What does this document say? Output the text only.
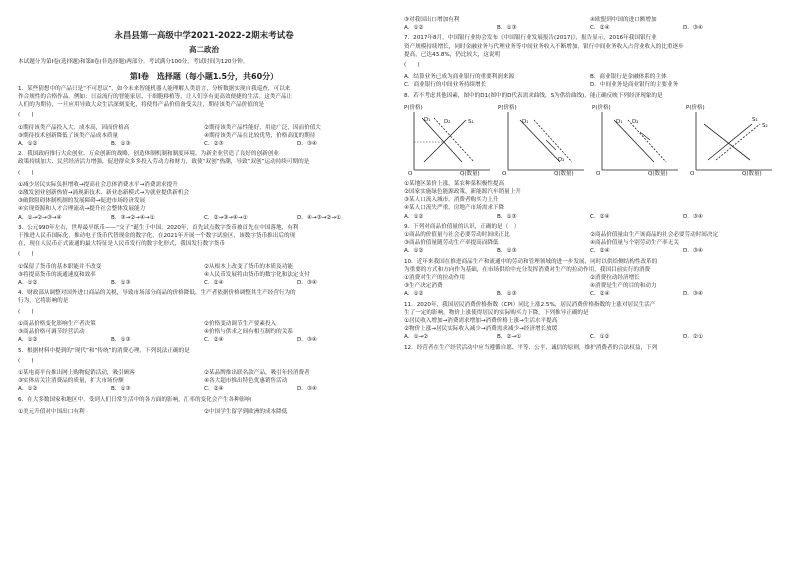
永昌县第一高级中学2021-2022-2期末考试卷
高二政治
本试题分为第Ⅰ卷(选择题)和第Ⅱ卷(非选择题)两部分。考试满分100分，考试时间为120分钟。
第Ⅰ卷　选择题（每小题1.5分，共60分）
1．某些猜想中的产品只是“不可思议”，如今未来智能机器人能理解人类语言，分析数据实现自我巡查，可以来
作合规性的合格作品。例如：日益流行的智能家居、干细胞移植等，让人们享有更高效便捷的生活。这类产品让
人们的为期待，一旦应用导致大众生活深刻变化，将使得产品价值备受关注，期待该类产品价值的是
(　　)
①期待该类产品投入大，成本高，因而价格高	②期待该类产品性能好，用途广泛，因而价值大
③期待技术创新降低了该类产品成本质量	④期待该类产品在比较优势，价格高度的期待
A．①②	B．①③	C．②③	D．③④
2．我国政府推行大众创业、万众创新的战略，创造体制机制和制度环境，为新企业营造了良好的创新创业
政策持续加大、民营经济活力增强，促进群众多多投入劳动力和财力，致使“双创”热潮，导致“双创”运动持续可期的是
(　　)
①减少居民实际负担增收→提高社会总体消费水平→消费需求提升
②激发创业创新热情→涌现新技术、新业态新模式→为就业提供新机会
③破除阻碍体制机制的发展障碍→促进市场经济发展
④实现资源和人才合理流动→提升社会整体发展能力
A．①→②→③→④	B．③→②→④→①	C．②→③→④→①	D．④→③→②→①
3．公元990年左右，世界最早纸币——“交子”诞生于中国，2020年，首先试点数字货币被首先在中国落地，有利
于推进人民币国际化，推动电子货币代替现金的数字化，在2021年开展一个数字试验区，该数字货币推出后的现
在，现在人民币正式流通的最大特征是人民币发行的数字化形式，我国发行数字货币
(　　)
①保留了货币的基本职能并不改变	②从根本上改变了货币的本质及功能
③将提高货币的流通速度和效率	④人民币发展将由货币的数字化和法定支付
A．①②	B．①③	C．②④	D．③④
4．财政部从调整对国外进口商品的关税，导致市场部分商品的价格降低，生产者依据价格调整其生产经营行为的
行为，它将影响的是
(　　)
①商品价格变化影响生产者决策	②价格变动调节生产要素投入
③商品价格可调节经营活动	④价格与供求之间有相互制约的关系
A．①②	B．①③	C．②④	D．③④
5．根据材料中提到的“现代”和“传统”的消费心理，下列说法正确的是
(　　)
①某电商平台推出网上购物促销活动，吸引顾客	②某品牌推出联名款产品，吸引年轻消费者
③实体店关注消费品的质量，扩大市场份额	④各大超市推出特色优惠销售活动
A．①②	B．①③	C．②④	D．③④
6．在大多数国家和地区中，受到人们日常生活中的各方面的影响，汇率的变化会产生各种影响
①美元升值对中国出口有利	②中国学生留学到欧洲的成本降低
③对我国出口增加有利	④欧盟到中国的进口额增加
A．①②	B．①③	C．②④	D．③④
7．2017年8月，中国银行业协会发布《中国银行业发展报告(2017)》，报告显示，2016年我国银行业
资产规模持续增长，同时金融业务与代理业务等中间业务收入不断增加，银行中间业务收入占营业收入的比重逐步
提高，已达43.8%，仍比较大，这说明
(　　)
A．结算业务已成为商业银行的重要利润来源	B．商业银行是金融体系的主体
C．商业银行的中间业务持续增长	D．中间业务是商业银行的主要业务
8．若不考虑其他因素，图中的D1(图中的D代表需求曲线，S为供给曲线)，能正确反映下列经济现象的是
P(价格)
Q(数量)
O
D₁ D₂	S₁
P(价格)
Q(数量)
O
D₁
D₂
P(价格)
Q(数量)
O
D₁ D₂
P(价格)
Q(数量)
O
S₁
S₂
①某地区菜价上涨，菜农种菜积极性提高
②国家实施绿色能源政策，新能源汽车销量上升
③某人口流入城市，消费者购买力上升
④某人口流失严重，房地产市场需求下降
A．①②	B．①③	C．②④	D．③④
9．下列对商品价值量的认识，正确的是（　）
①商品的价值量与社会必要劳动时间成正比	②商品价值量由生产该商品的社会必要劳动时间决定
③商品价值量随劳动生产率提高而降低	④商品价值量与个别劳动生产率无关
A．①②	B．①③	C．②④	D．③④
10．近年来我国在推进商品生产和流通中的劳动和管理领域的进一步发展，同时以供给侧结构性改革的
为重要的方式和方向作为基础，在市场供给中充分发挥消费对生产的拉动作用，我国目前实行的消费
①消费对生产的拉动作用	②消费拉动经济增长
③生产决定消费	④消费是生产的目的和动力
A．①②	B．①③	C．②④	D．③④
11．2020年，我国居民消费价格指数（CPI）同比上涨2.5%，居民消费价格指数的上涨对居民生活产
生了一定的影响，物价上涨使得居民的实际购买力下降。下列推导正确的是
①居民收入增加→消费需求增加→消费价格上涨→生活水平提高
②物价上涨→居民实际收入减少→消费需求减少→经济增长放缓
A．①→②	B．②→①	C．①②	D．②①
12．经营者在生产经营活动中应当遵循自愿、平等、公平、诚信的原则，维护消费者的合法权益，下列
